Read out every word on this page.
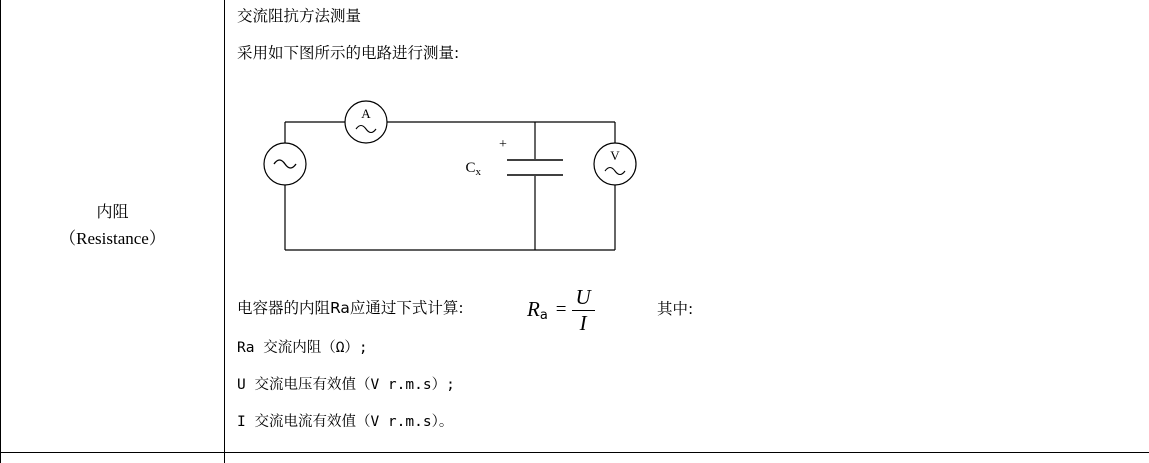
内阻
（Resistance）
交流阻抗方法测量
采用如下图所示的电路进行测量:
A
V
+
$C_x$
电容器的内阻Ra应通过下式计算:	$R_a = \frac{U}{I}$	其中:
Ra 交流内阻（Ω）;
U 交流电压有效值（V r.m.s）;
I 交流电流有效值（V r.m.s）。
